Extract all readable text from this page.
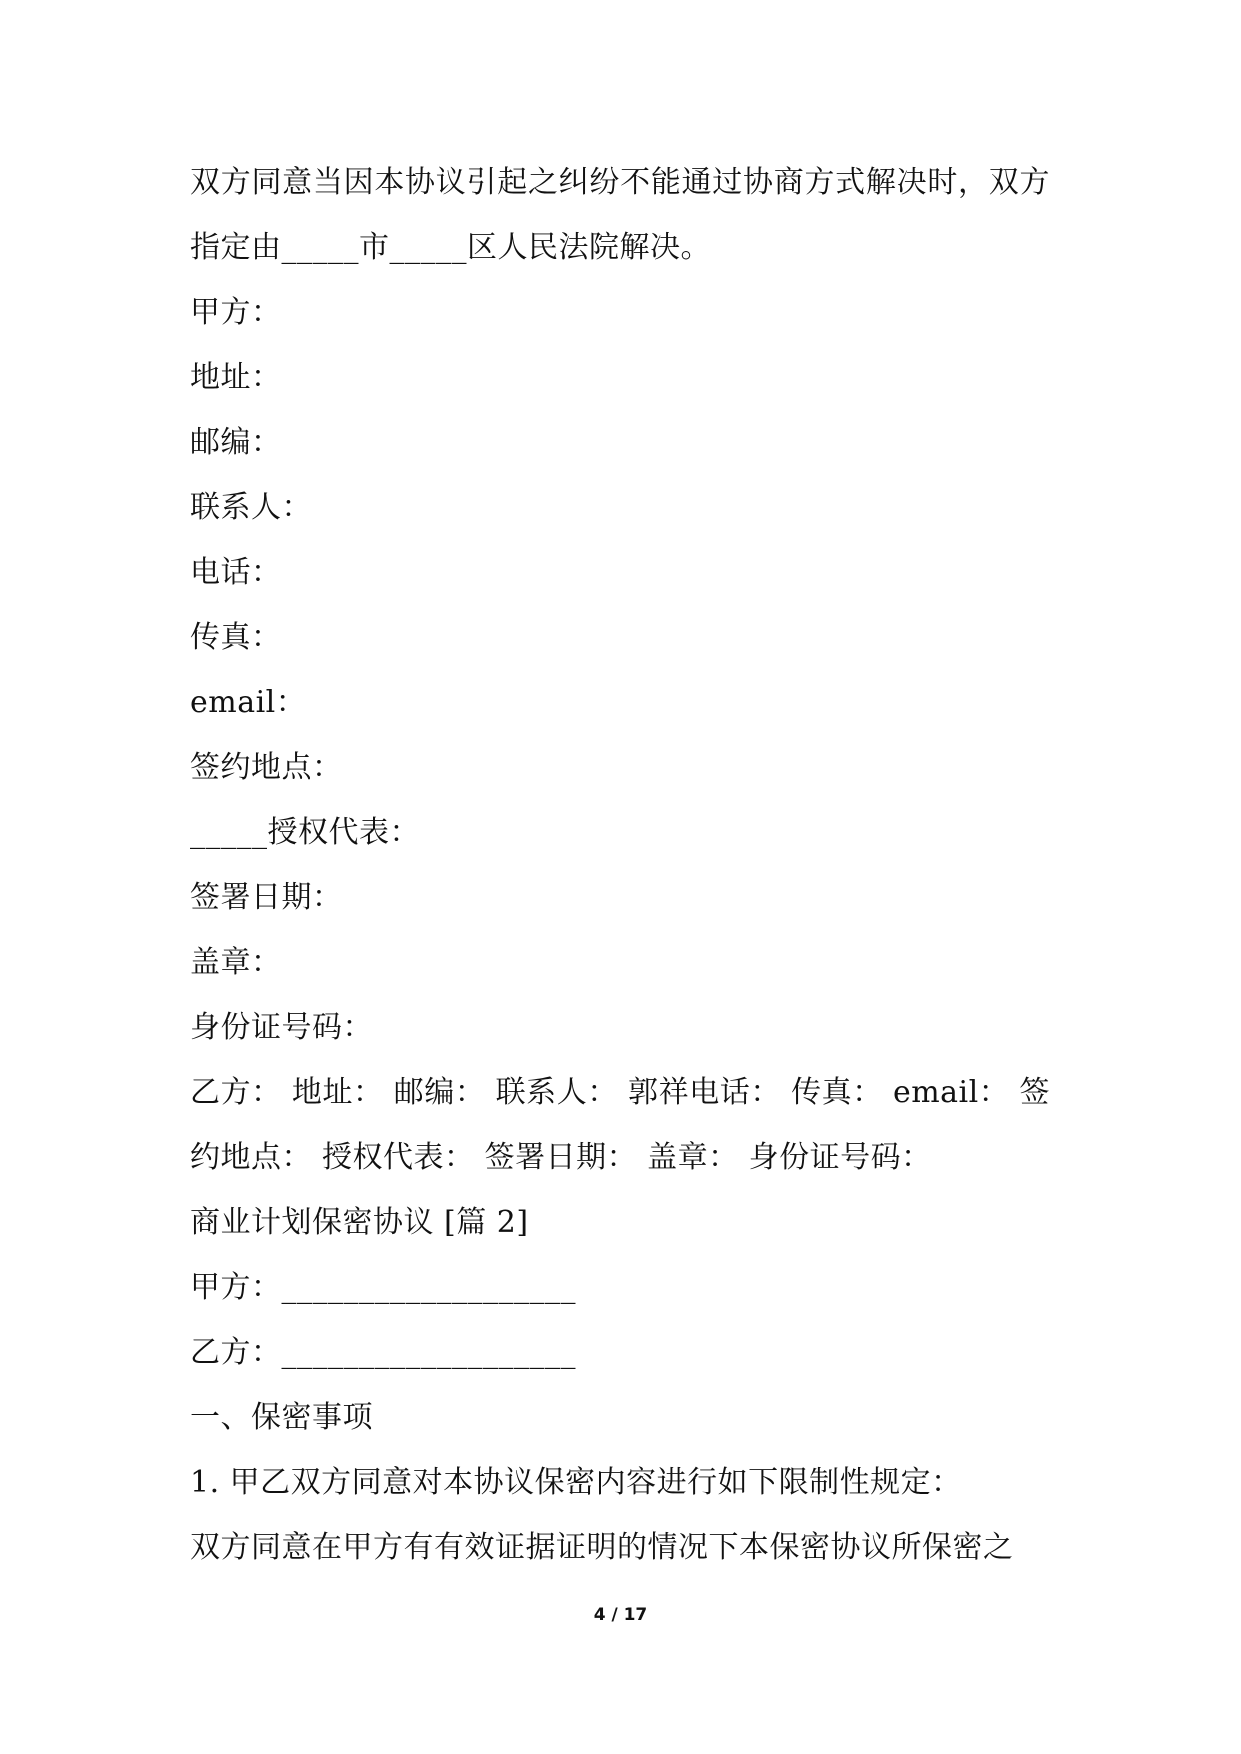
双方同意当因本协议引起之纠纷不能通过协商方式解决时，双方
指定由_____市_____区人民法院解决。
甲方：
地址：
邮编：
联系人：
电话：
传真：
email：
签约地点：
_____授权代表：
签署日期：
盖章：
身份证号码：
乙方： 地址： 邮编： 联系人： 郭祥电话： 传真： email： 签
约地点： 授权代表： 签署日期： 盖章： 身份证号码：
商业计划保密协议 [篇 2]
甲方：___________________
乙方：___________________
一、保密事项
1. 甲乙双方同意对本协议保密内容进行如下限制性规定：
双方同意在甲方有有效证据证明的情况下本保密协议所保密之
4 / 17
